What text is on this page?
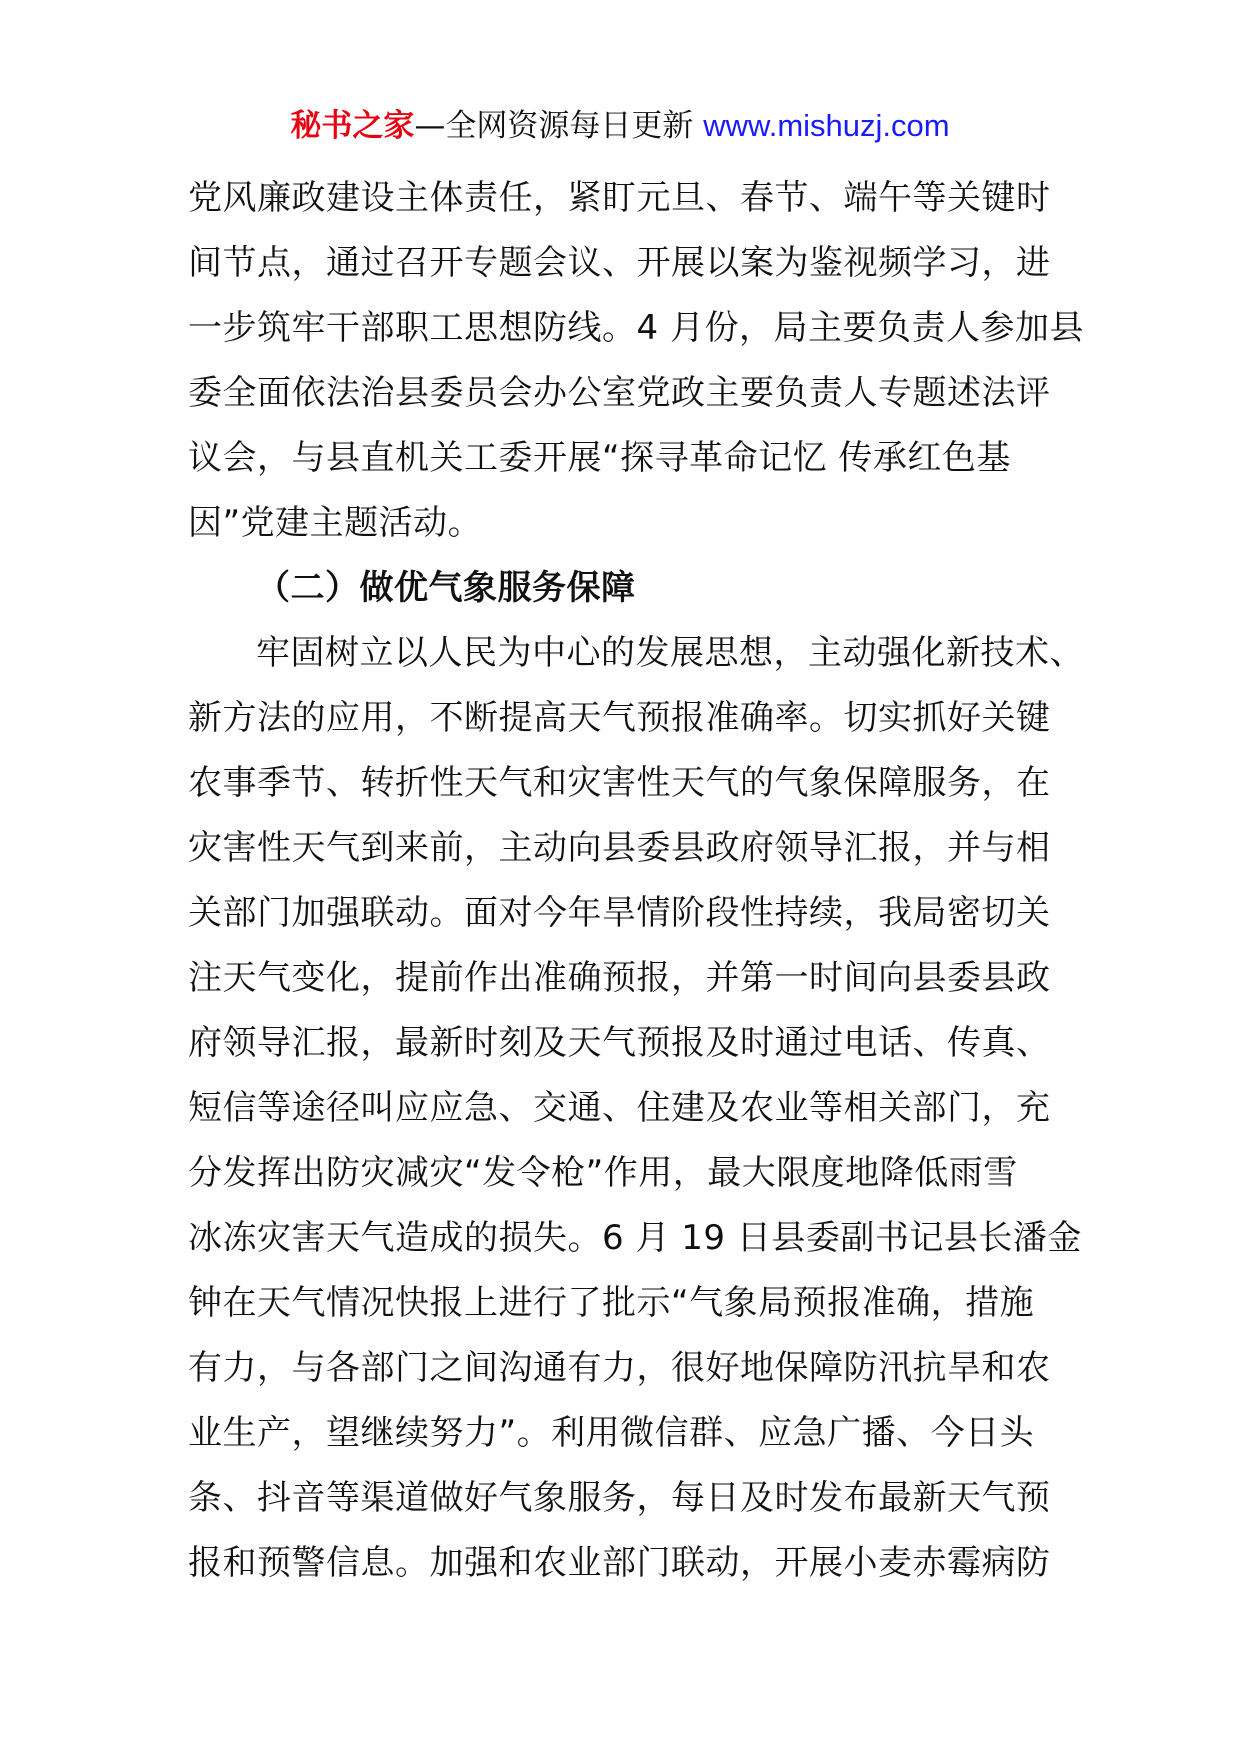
秘书之家—全网资源每日更新 www.mishuzj.com
党风廉政建设主体责任，紧盯元旦、春节、端午等关键时
间节点，通过召开专题会议、开展以案为鉴视频学习，进
一步筑牢干部职工思想防线。4 月份，局主要负责人参加县
委全面依法治县委员会办公室党政主要负责人专题述法评
议会，与县直机关工委开展“探寻革命记忆 传承红色基
因”党建主题活动。
（二）做优气象服务保障
牢固树立以人民为中心的发展思想，主动强化新技术、
新方法的应用，不断提高天气预报准确率。切实抓好关键
农事季节、转折性天气和灾害性天气的气象保障服务，在
灾害性天气到来前，主动向县委县政府领导汇报，并与相
关部门加强联动。面对今年旱情阶段性持续，我局密切关
注天气变化，提前作出准确预报，并第一时间向县委县政
府领导汇报，最新时刻及天气预报及时通过电话、传真、
短信等途径叫应应急、交通、住建及农业等相关部门，充
分发挥出防灾减灾“发令枪”作用，最大限度地降低雨雪
冰冻灾害天气造成的损失。6 月 19 日县委副书记县长潘金
钟在天气情况快报上进行了批示“气象局预报准确，措施
有力，与各部门之间沟通有力，很好地保障防汛抗旱和农
业生产，望继续努力”。利用微信群、应急广播、今日头
条、抖音等渠道做好气象服务，每日及时发布最新天气预
报和预警信息。加强和农业部门联动，开展小麦赤霉病防
